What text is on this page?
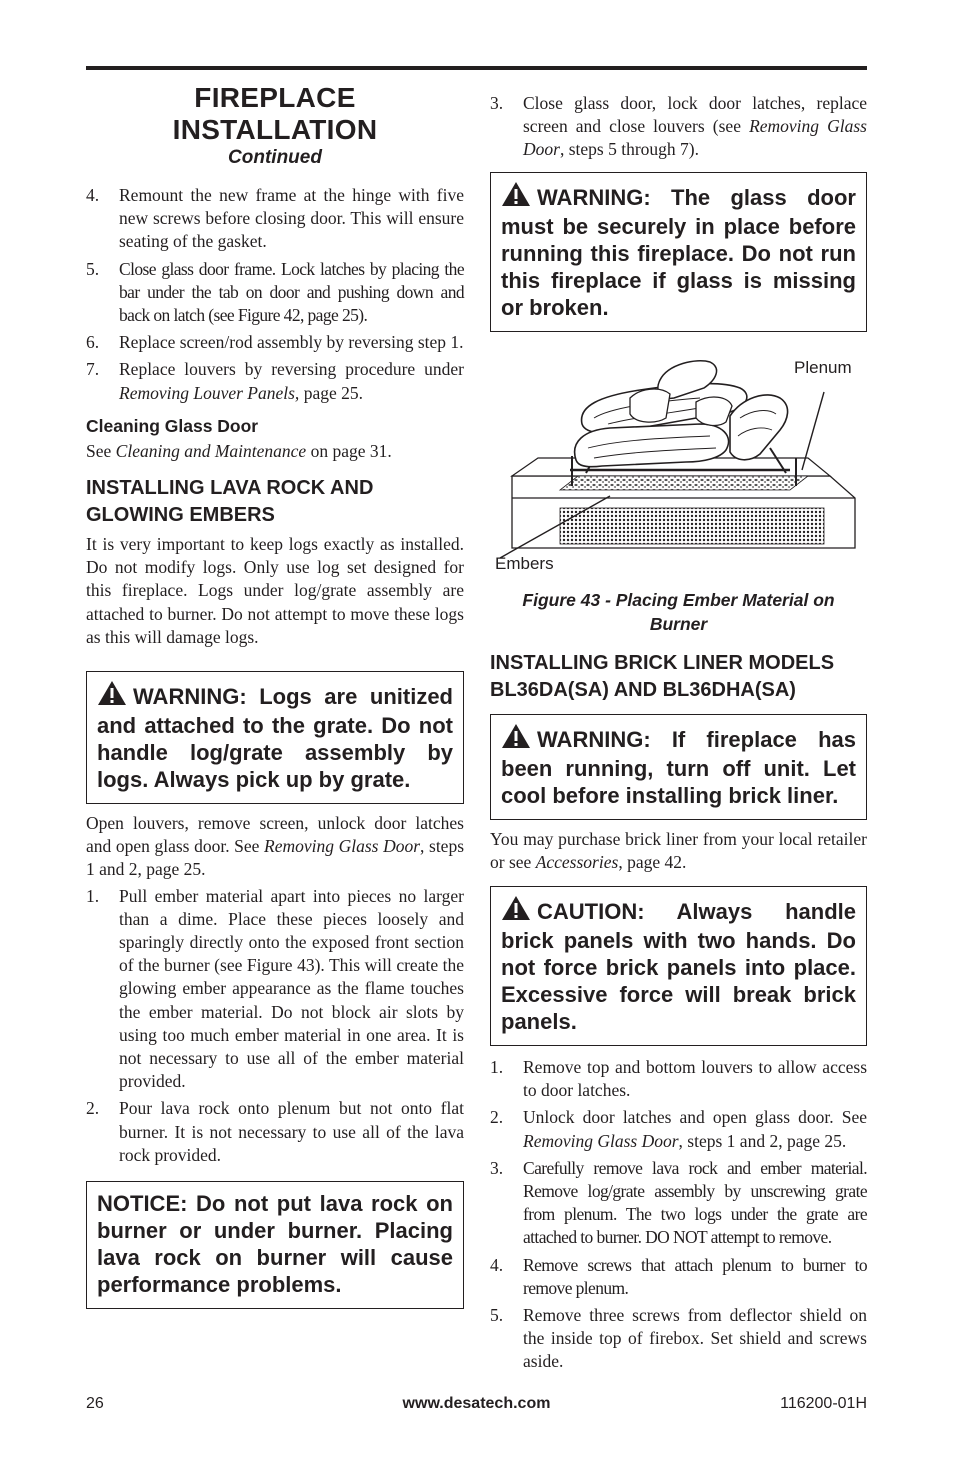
FIREPLACE
INSTALLATION
Continued
4.	Remount the new frame at the hinge with five new screws before closing door. This will ensure seating of the gasket.
5.	Close glass door frame. Lock latches by placing the bar under the tab on door and pushing down and back on latch (see Figure 42, page 25).
6.	Replace screen/rod assembly by reversing step 1.
7.	Replace louvers by reversing procedure under Removing Louver Panels, page 25.
Cleaning Glass Door

See Cleaning and Maintenance on page 31.

INSTALLING LAVA ROCK AND GLOWING EMBERS

It is very important to keep logs exactly as installed. Do not modify logs. Only use log set designed for this fireplace. Logs under log/grate assembly are attached to burner. Do not attempt to move these logs as this will damage logs.

WARNING: Logs are unitized and attached to the grate. Do not handle log/grate assembly by logs. Always pick up by grate.

Open louvers, remove screen, unlock door latches and open glass door. See Removing Glass Door, steps 1 and 2, page 25.

1.	Pull ember material apart into pieces no larger than a dime. Place these pieces loosely and sparingly directly onto the exposed front section of the burner (see Figure 43). This will create the glowing ember appearance as the flame touches the ember material. Do not block air slots by using too much ember material in one area. It is not necessary to use all of the ember material provided.
2.	Pour lava rock onto plenum but not onto flat burner. It is not necessary to use all of the lava rock provided.

NOTICE: Do not put lava rock on burner or under burner. Placing lava rock on burner will cause performance problems.

3.	Close glass door, lock door latches, replace screen and close louvers (see Removing Glass Door, steps 5 through 7).

WARNING: The glass door must be securely in place before running this fireplace. Do not run this fireplace if glass is missing or broken.

Plenum
Embers
Figure 43 - Placing Ember Material on Burner
INSTALLING BRICK LINER MODELS BL36DA(SA) AND BL36DHA(SA)

WARNING: If fireplace has been running, turn off unit. Let cool before installing brick liner.

You may purchase brick liner from your local retailer or see Accessories, page 42.

CAUTION: Always handle brick panels with two hands. Do not force brick panels into place. Excessive force will break brick panels.

1.	Remove top and bottom louvers to allow access to door latches.
2.	Unlock door latches and open glass door. See Removing Glass Door, steps 1 and 2, page 25.
3.	Carefully remove lava rock and ember material. Remove log/grate assembly by unscrewing grate from plenum. The two logs under the grate are attached to burner. DO NOT attempt to remove.
4.	Remove screws that attach plenum to burner to remove plenum.
5.	Remove three screws from deflector shield on the inside top of firebox. Set shield and screws aside.
26	www.desatech.com	116200-01H
